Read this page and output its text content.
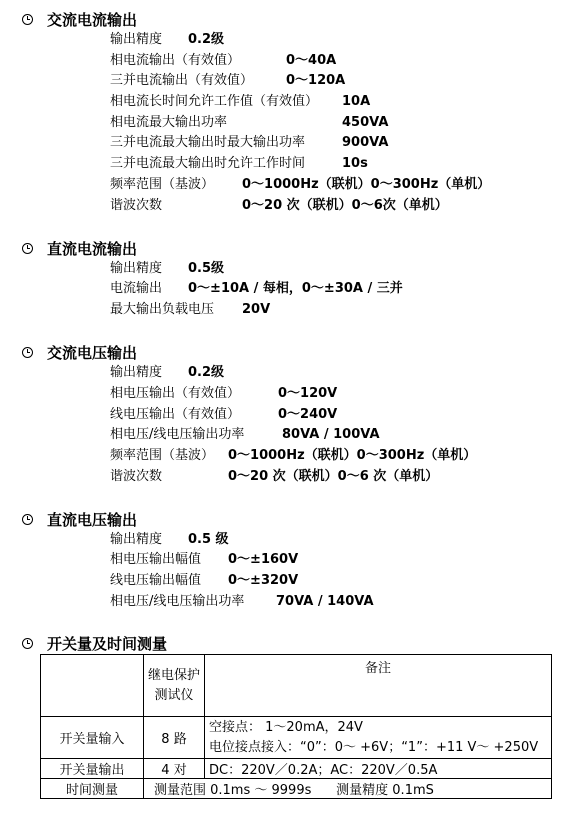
交流电流输出
输出精度 0.2级
相电流输出（有效值）	0～40A
三并电流输出（有效值）	0～120A
相电流长时间允许工作值（有效值） 10A
相电流最大输出功率	450VA
三并电流最大输出时最大输出功率	900VA
三并电流最大输出时允许工作时间	10s
频率范围（基波） 0～1000Hz（联机）0～300Hz（单机）
谐波次数	0～20 次（联机）0～6次（单机）
直流电流输出
输出精度 0.5级
电流输出 0～±10A / 每相，0～±30A / 三并
最大输出负载电压 20V
交流电压输出
输出精度 0.2级
相电压输出（有效值）	0～120V
线电压输出（有效值）	0～240V
相电压/线电压输出功率	80VA / 100VA
频率范围（基波） 0～1000Hz（联机）0～300Hz（单机）
谐波次数	0～20 次（联机）0～6 次（单机）
直流电压输出
输出精度 0.5 级
相电压输出幅值 0～±160V
线电压输出幅值 0～±320V
相电压/线电压输出功率 70VA / 140VA
开关量及时间测量
	继电保护测试仪	备注
开关量输入	8 路	空接点： 1～20mA，24V
电位接点接入：“0”：0～ +6V；“1”：+11 V～ +250V

开关量输出	4 对	DC：220V／0.2A；AC：220V／0.5A
时间测量	测量范围 0.1ms ～ 9999s      测量精度 0.1mS	
